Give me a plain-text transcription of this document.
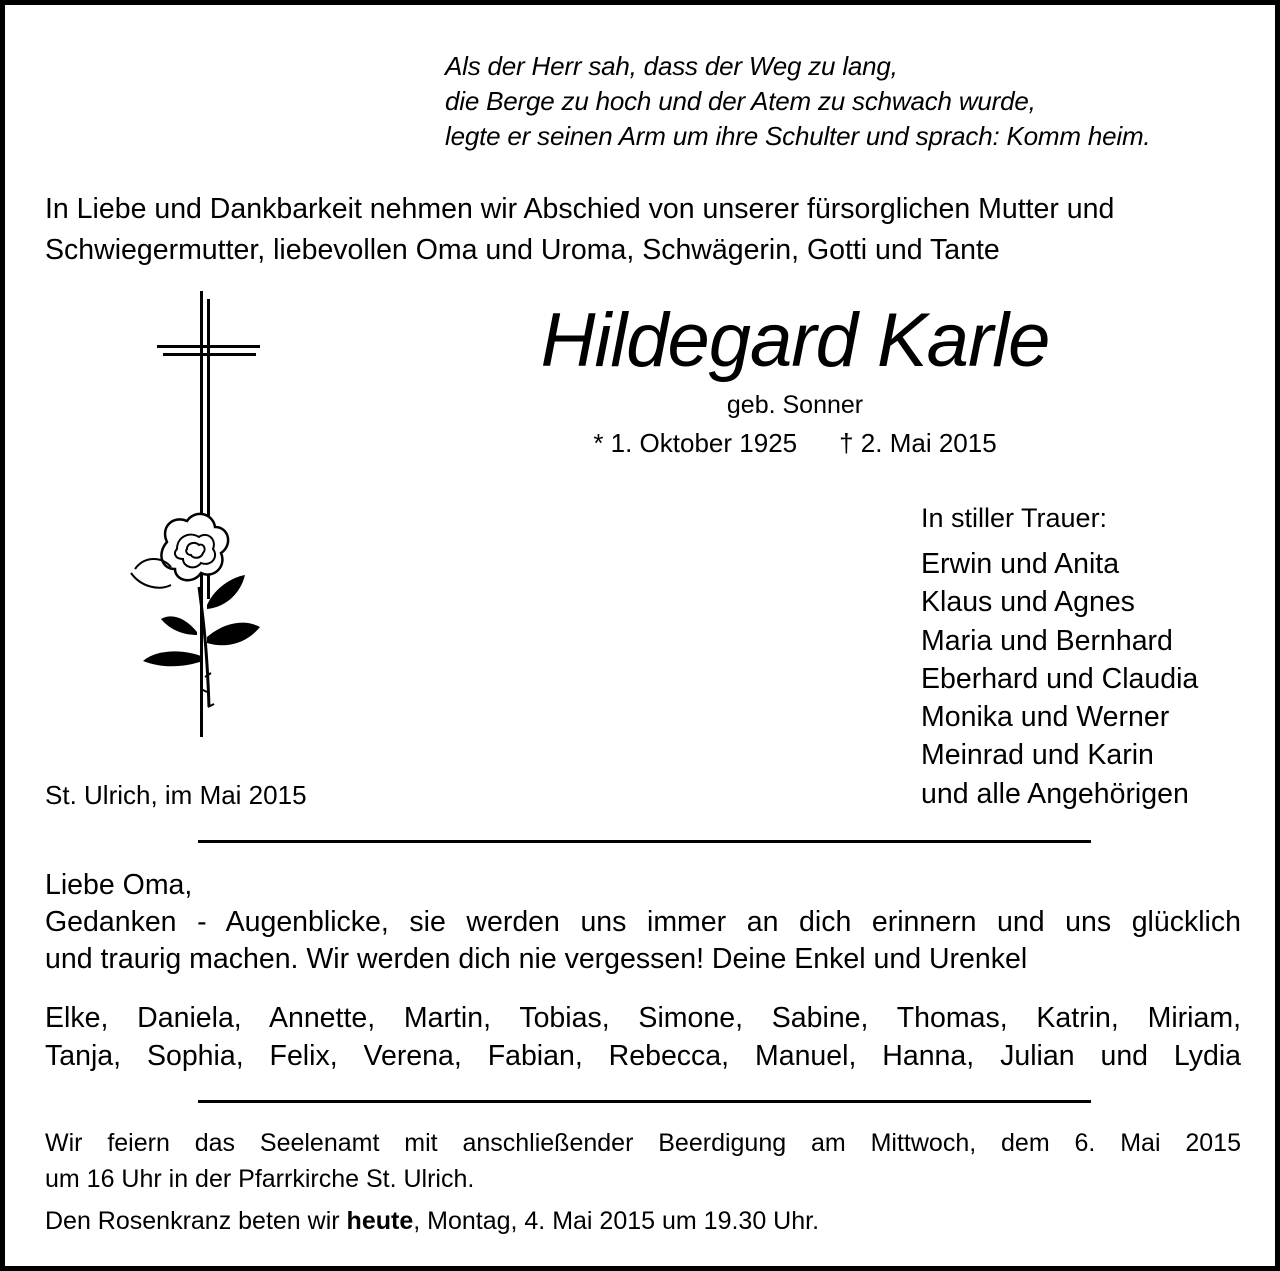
Als der Herr sah, dass der Weg zu lang,
die Berge zu hoch und der Atem zu schwach wurde,
legte er seinen Arm um ihre Schulter und sprach: Komm heim.
In Liebe und Dankbarkeit nehmen wir Abschied von unserer fürsorglichen Mutter und
Schwiegermutter, liebevollen Oma und Uroma, Schwägerin, Gotti und Tante
Hildegard Karle
geb. Sonner
* 1. Oktober 1925 † 2. Mai 2015
In stiller Trauer:
Erwin und Anita
Klaus und Agnes
Maria und Bernhard
Eberhard und Claudia
Monika und Werner
Meinrad und Karin
und alle Angehörigen
St. Ulrich, im Mai 2015
Liebe Oma,
Gedanken - Augenblicke, sie werden uns immer an dich erinnern und uns glücklich
und traurig machen. Wir werden dich nie vergessen! Deine Enkel und Urenkel
Elke, Daniela, Annette, Martin, Tobias, Simone, Sabine, Thomas, Katrin, Miriam,
Tanja, Sophia, Felix, Verena, Fabian, Rebecca, Manuel, Hanna, Julian und Lydia
Wir feiern das Seelenamt mit anschließender Beerdigung am Mittwoch, dem 6. Mai 2015
um 16 Uhr in der Pfarrkirche St. Ulrich.
Den Rosenkranz beten wir heute, Montag, 4. Mai 2015 um 19.30 Uhr.
